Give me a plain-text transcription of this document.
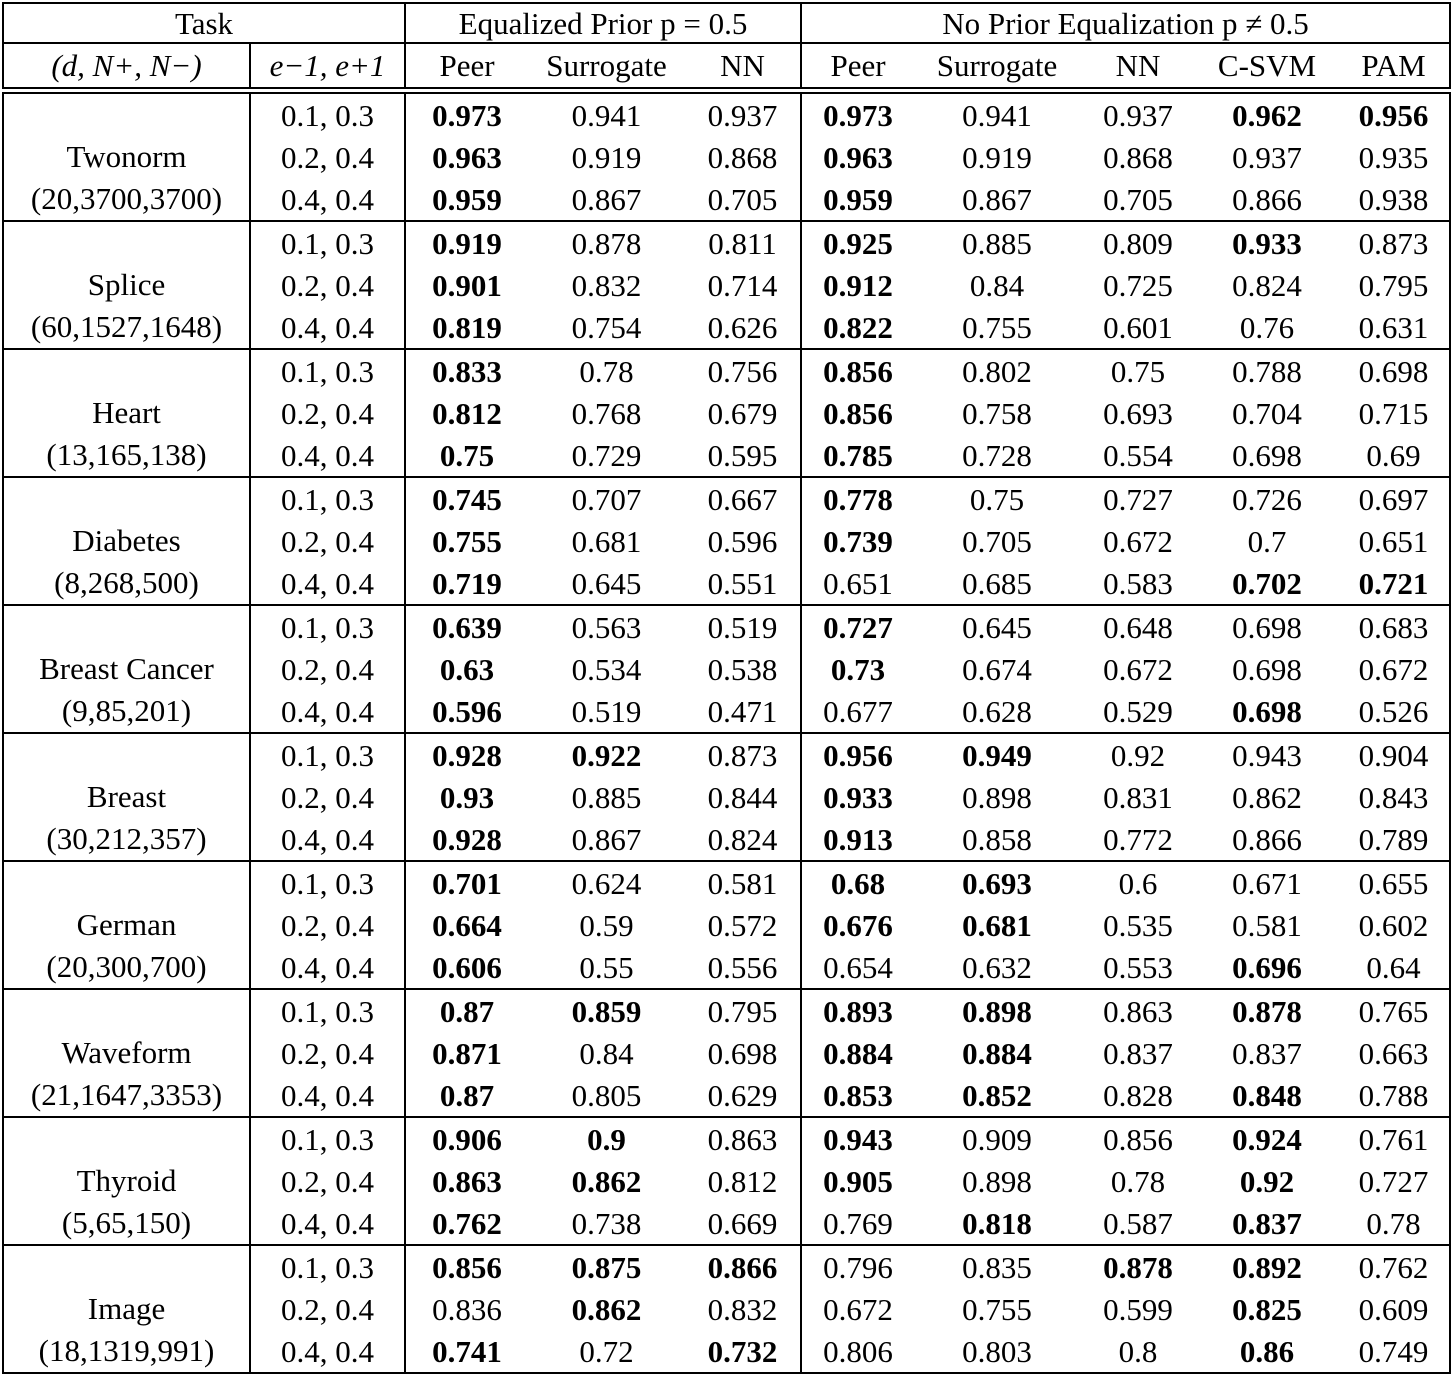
Task		Equalized Prior p = 0.5			No Prior Equalization p ≠ 0.5				
(d, N+, N−)	e−1, e+1	Peer	Surrogate	NN	Peer	Surrogate	NN	C-SVM	PAM

Twonorm
(20,3700,3700)	0.1, 0.3	0.973	0.941	0.937	0.973	0.941	0.937	0.962	0.956
	0.2, 0.4	0.963	0.919	0.868	0.963	0.919	0.868	0.937	0.935
	0.4, 0.4	0.959	0.867	0.705	0.959	0.867	0.705	0.866	0.938

Splice
(60,1527,1648)	0.1, 0.3	0.919	0.878	0.811	0.925	0.885	0.809	0.933	0.873
	0.2, 0.4	0.901	0.832	0.714	0.912	0.84	0.725	0.824	0.795
	0.4, 0.4	0.819	0.754	0.626	0.822	0.755	0.601	0.76	0.631

Heart
(13,165,138)	0.1, 0.3	0.833	0.78	0.756	0.856	0.802	0.75	0.788	0.698
	0.2, 0.4	0.812	0.768	0.679	0.856	0.758	0.693	0.704	0.715
	0.4, 0.4	0.75	0.729	0.595	0.785	0.728	0.554	0.698	0.69

Diabetes
(8,268,500)	0.1, 0.3	0.745	0.707	0.667	0.778	0.75	0.727	0.726	0.697
	0.2, 0.4	0.755	0.681	0.596	0.739	0.705	0.672	0.7	0.651
	0.4, 0.4	0.719	0.645	0.551	0.651	0.685	0.583	0.702	0.721

Breast Cancer
(9,85,201)	0.1, 0.3	0.639	0.563	0.519	0.727	0.645	0.648	0.698	0.683
	0.2, 0.4	0.63	0.534	0.538	0.73	0.674	0.672	0.698	0.672
	0.4, 0.4	0.596	0.519	0.471	0.677	0.628	0.529	0.698	0.526

Breast
(30,212,357)	0.1, 0.3	0.928	0.922	0.873	0.956	0.949	0.92	0.943	0.904
	0.2, 0.4	0.93	0.885	0.844	0.933	0.898	0.831	0.862	0.843
	0.4, 0.4	0.928	0.867	0.824	0.913	0.858	0.772	0.866	0.789

German
(20,300,700)	0.1, 0.3	0.701	0.624	0.581	0.68	0.693	0.6	0.671	0.655
	0.2, 0.4	0.664	0.59	0.572	0.676	0.681	0.535	0.581	0.602
	0.4, 0.4	0.606	0.55	0.556	0.654	0.632	0.553	0.696	0.64

Waveform
(21,1647,3353)	0.1, 0.3	0.87	0.859	0.795	0.893	0.898	0.863	0.878	0.765
	0.2, 0.4	0.871	0.84	0.698	0.884	0.884	0.837	0.837	0.663
	0.4, 0.4	0.87	0.805	0.629	0.853	0.852	0.828	0.848	0.788

Thyroid
(5,65,150)	0.1, 0.3	0.906	0.9	0.863	0.943	0.909	0.856	0.924	0.761
	0.2, 0.4	0.863	0.862	0.812	0.905	0.898	0.78	0.92	0.727
	0.4, 0.4	0.762	0.738	0.669	0.769	0.818	0.587	0.837	0.78

Image
(18,1319,991)	0.1, 0.3	0.856	0.875	0.866	0.796	0.835	0.878	0.892	0.762
	0.2, 0.4	0.836	0.862	0.832	0.672	0.755	0.599	0.825	0.609
	0.4, 0.4	0.741	0.72	0.732	0.806	0.803	0.8	0.86	0.749
